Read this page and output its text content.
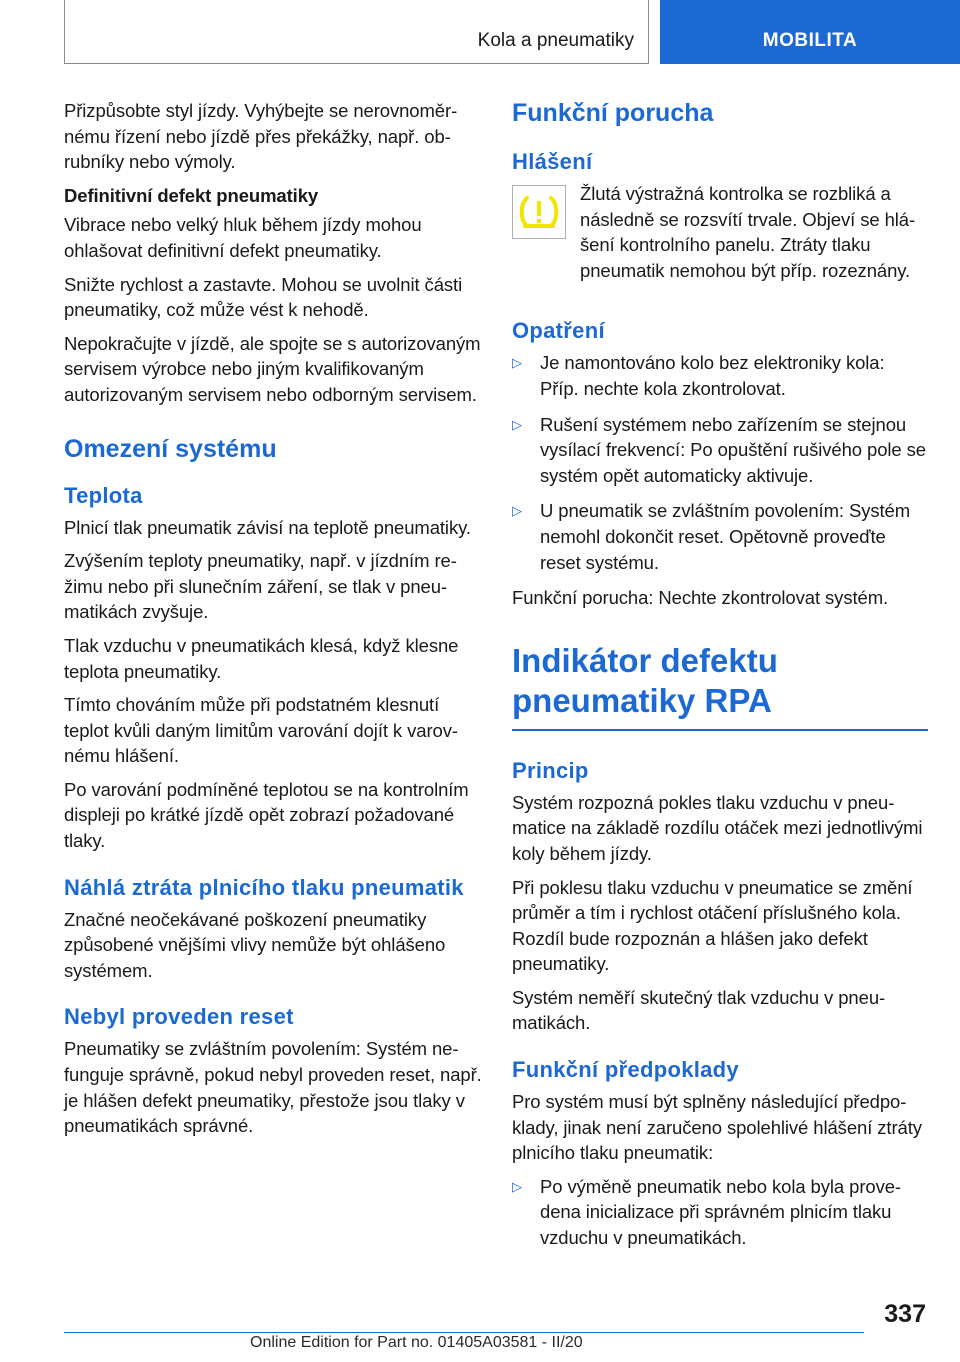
Kola a pneumatiky	MOBILITA

Přizpůsobte styl jízdy. Vyhýbejte se nerovnoměrnému řízení nebo jízdě přes překážky, např. obrubníky nebo výmoly.

Definitivní defekt pneumatiky

Vibrace nebo velký hluk během jízdy mohou ohlašovat definitivní defekt pneumatiky.

Snižte rychlost a zastavte. Mohou se uvolnit části pneumatiky, což může vést k nehodě.

Nepokračujte v jízdě, ale spojte se s autorizovaným servisem výrobce nebo jiným kvalifikovaným autorizovaným servisem nebo odborným servisem.

Omezení systému
Teplota

Plnicí tlak pneumatik závisí na teplotě pneumatiky.

Zvýšením teploty pneumatiky, např. v jízdním režimu nebo při slunečním záření, se tlak v pneumatikách zvyšuje.

Tlak vzduchu v pneumatikách klesá, když klesne teplota pneumatiky.

Tímto chováním může při podstatném klesnutí teplot kvůli daným limitům varování dojít k varovnému hlášení.

Po varování podmíněné teplotou se na kontrolním displeji po krátké jízdě opět zobrazí požadované tlaky.

Náhlá ztráta plnicího tlaku pneumatik

Značné neočekávané poškození pneumatiky způsobené vnějšími vlivy nemůže být ohlášeno systémem.

Nebyl proveden reset

Pneumatiky se zvláštním povolením: Systém nefunguje správně, pokud nebyl proveden reset, např. je hlášen defekt pneumatiky, přestože jsou tlaky v pneumatikách správné.

Funkční porucha
Hlášení

Žlutá výstražná kontrolka se rozbliká a následně se rozsvítí trvale. Objeví se hlášení kontrolního panelu. Ztráty tlaku pneumatik nemohou být příp. rozeznány.

Opatření
▷ Je namontováno kolo bez elektroniky kola: Příp. nechte kola zkontrolovat.
▷ Rušení systémem nebo zařízením se stejnou vysílací frekvencí: Po opuštění rušivého pole se systém opět automaticky aktivuje.
▷ U pneumatik se zvláštním povolením: Systém nemohl dokončit reset. Opětovně proveďte reset systému.

Funkční porucha: Nechte zkontrolovat systém.

Indikátor defektu pneumatiky RPA
Princip

Systém rozpozná pokles tlaku vzduchu v pneumatice na základě rozdílu otáček mezi jednotlivými koly během jízdy.

Při poklesu tlaku vzduchu v pneumatice se změní průměr a tím i rychlost otáčení příslušného kola. Rozdíl bude rozpoznán a hlášen jako defekt pneumatiky.

Systém neměří skutečný tlak vzduchu v pneumatikách.

Funkční předpoklady

Pro systém musí být splněny následující předpoklady, jinak není zaručeno spolehlivé hlášení ztráty plnicího tlaku pneumatik:

▷ Po výměně pneumatik nebo kola byla provedena inicializace při správném plnicím tlaku vzduchu v pneumatikách.
337
Online Edition for Part no. 01405A03581 - II/20
